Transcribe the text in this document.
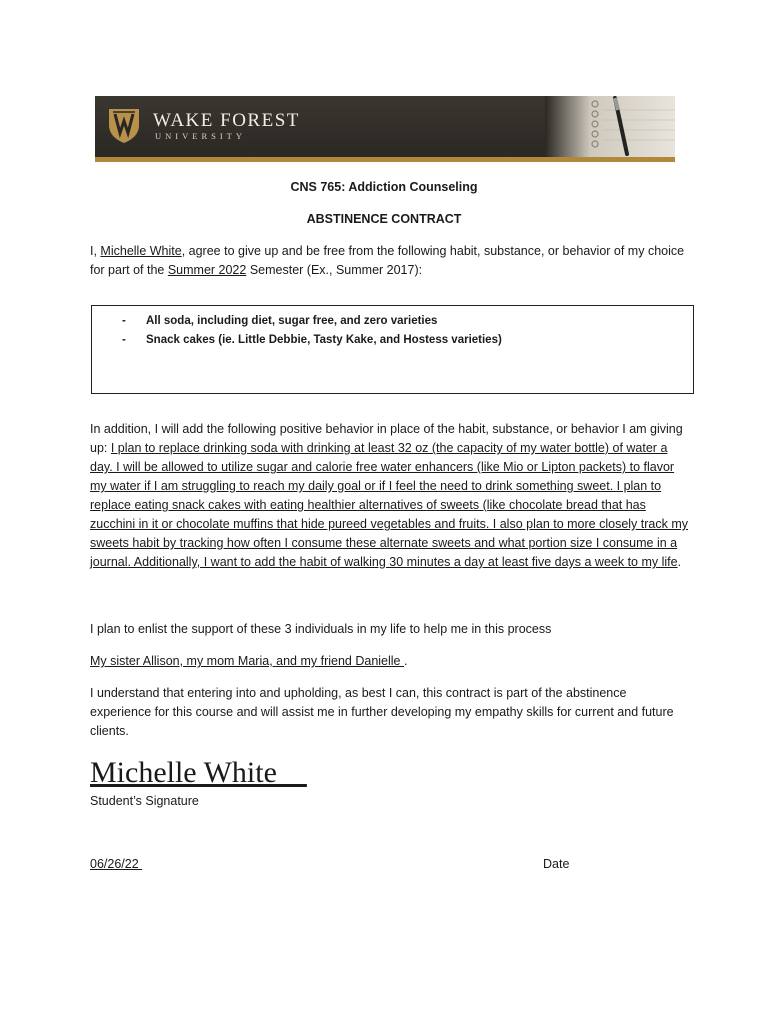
WAKE FOREST
UNIVERSITY
CNS 765: Addiction Counseling
ABSTINENCE CONTRACT
I, Michelle White, agree to give up and be free from the following habit, substance, or behavior of my choice for part of the Summer 2022 Semester (Ex., Summer 2017):
- All soda, including diet, sugar free, and zero varieties
- Snack cakes (ie. Little Debbie, Tasty Kake, and Hostess varieties)
In addition, I will add the following positive behavior in place of the habit, substance, or behavior I am giving up: I plan to replace drinking soda with drinking at least 32 oz (the capacity of my water bottle) of water a day. I will be allowed to utilize sugar and calorie free water enhancers (like Mio or Lipton packets) to flavor my water if I am struggling to reach my daily goal or if I feel the need to drink something sweet. I plan to replace eating snack cakes with eating healthier alternatives of sweets (like chocolate bread that has zucchini in it or chocolate muffins that hide pureed vegetables and fruits. I also plan to more closely track my sweets habit by tracking how often I consume these alternate sweets and what portion size I consume in a journal. Additionally, I want to add the habit of walking 30 minutes a day at least five days a week to my life.
I plan to enlist the support of these 3 individuals in my life to help me in this process
My sister Allison, my mom Maria, and my friend Danielle .
I understand that entering into and upholding, as best I can, this contract is part of the abstinence experience for this course and will assist me in further developing my empathy skills for current and future clients.
Michelle White
Student’s Signature
06/26/22	Date
